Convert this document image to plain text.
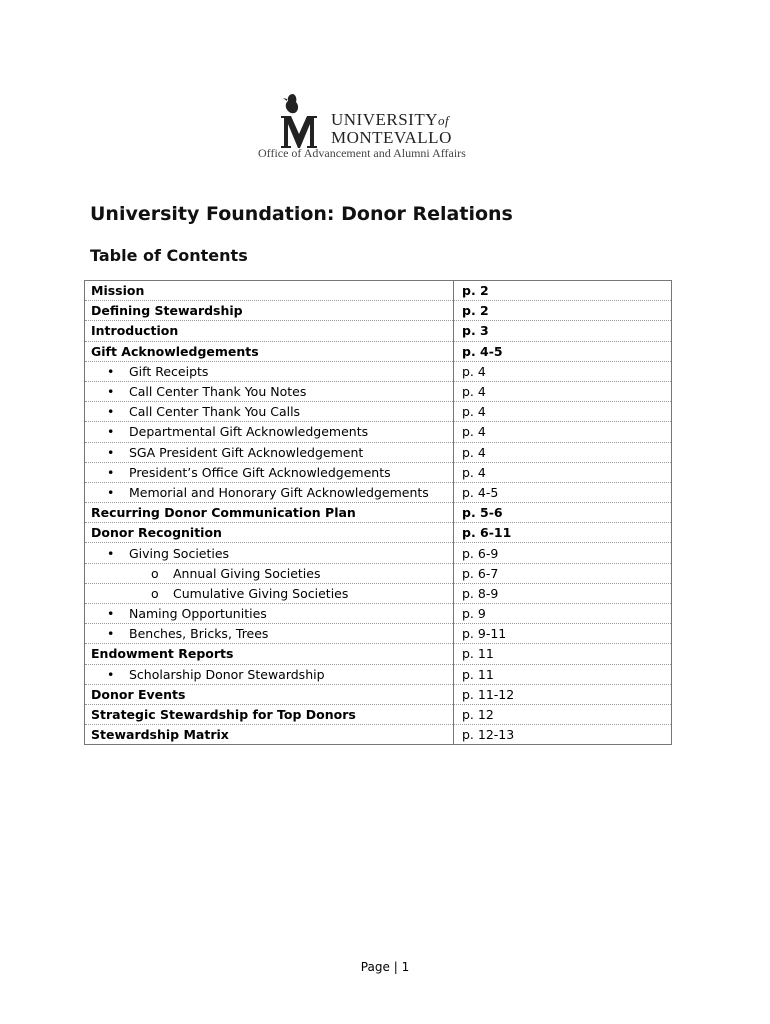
UNIVERSITYof
MONTEVALLO
Office of Advancement and Alumni Affairs
University Foundation: Donor Relations
Table of Contents
Mission	p. 2
Defining Stewardship	p. 2
Introduction	p. 3
Gift Acknowledgements	p. 4-5
• Gift Receipts	p. 4
• Call Center Thank You Notes	p. 4
• Call Center Thank You Calls	p. 4
• Departmental Gift Acknowledgements	p. 4
• SGA President Gift Acknowledgement	p. 4
• President’s Office Gift Acknowledgements	p. 4
• Memorial and Honorary Gift Acknowledgements	p. 4-5
Recurring Donor Communication Plan	p. 5-6
Donor Recognition	p. 6-11
• Giving Societies	p. 6-9
o Annual Giving Societies	p. 6-7
o Cumulative Giving Societies	p. 8-9
• Naming Opportunities	p. 9
• Benches, Bricks, Trees	p. 9-11
Endowment Reports	p. 11
• Scholarship Donor Stewardship	p. 11
Donor Events	p. 11-12
Strategic Stewardship for Top Donors	p. 12
Stewardship Matrix	p. 12-13
Page | 1
